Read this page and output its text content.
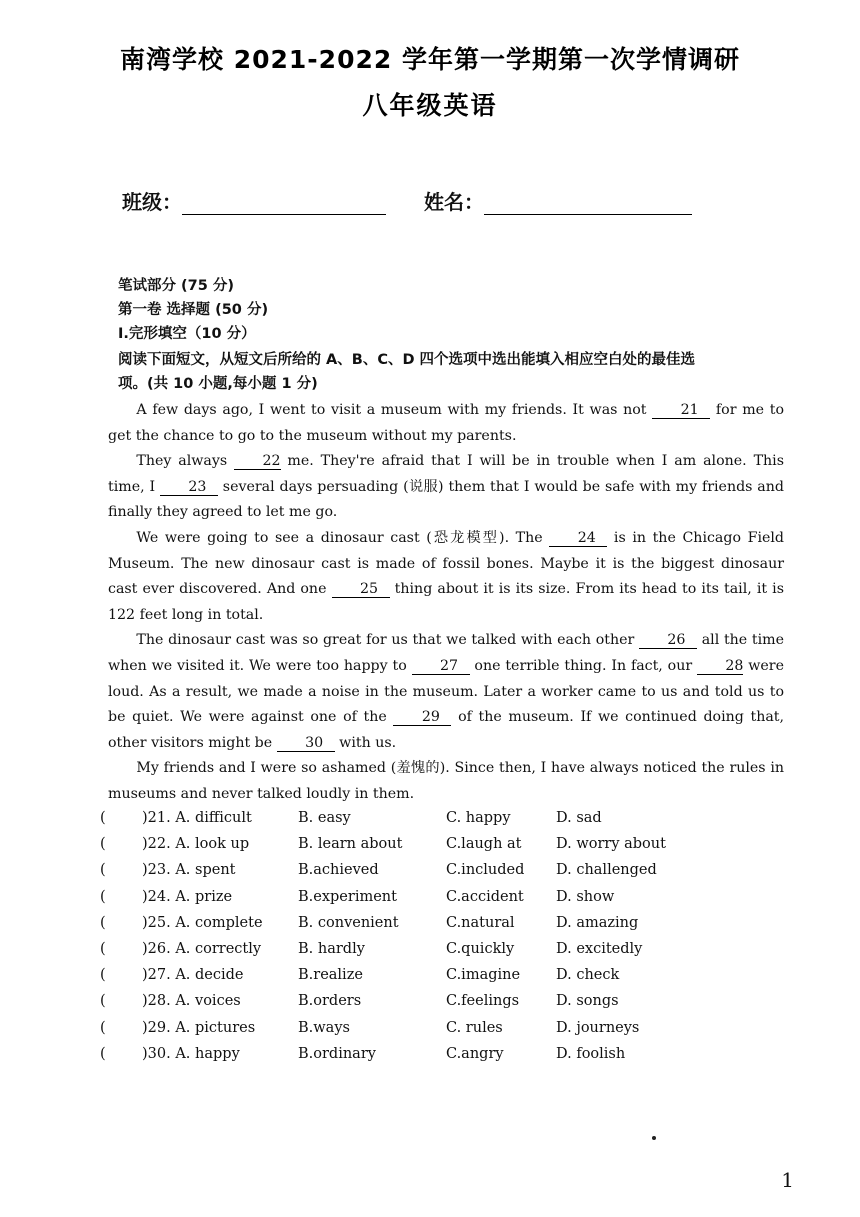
南湾学校 2021-2022 学年第一学期第一次学情调研
八年级英语
班级：	姓名：
笔试部分 (75 分)
第一卷 选择题 (50 分)
I.完形填空（10 分）
阅读下面短文，从短文后所给的 A、B、C、D 四个选项中选出能填入相应空白处的最佳选
项。(共 10 小题,每小题 1 分)

A few days ago, I went to visit a museum with my friends. It was not 21 for me to get the chance to go to the museum without my parents.

They always 22 me. They're afraid that I will be in trouble when I am alone. This time, I 23 several days persuading (说服) them that I would be safe with my friends and finally they agreed to let me go.

We were going to see a dinosaur cast (恐龙模型). The 24 is in the Chicago Field Museum. The new dinosaur cast is made of fossil bones. Maybe it is the biggest dinosaur cast ever discovered. And one 25 thing about it is its size. From its head to its tail, it is 122 feet long in total.

The dinosaur cast was so great for us that we talked with each other 26 all the time when we visited it. We were too happy to 27 one terrible thing. In fact, our 28 were loud. As a result, we made a noise in the museum. Later a worker came to us and told us to be quiet. We were against one of the 29 of the museum. If we continued doing that, other visitors might be 30 with us.

My friends and I were so ashamed (羞愧的). Since then, I have always noticed the rules in museums and never talked loudly in them.

(	)21. A. difficult	B. easy	C. happy	D. sad
(	)22. A. look up	B. learn about	C.laugh at	D. worry about
(	)23. A. spent	B.achieved	C.included	D. challenged
(	)24. A. prize	B.experiment	C.accident	D. show
(	)25. A. complete	B. convenient	C.natural	D. amazing
(	)26. A. correctly	B. hardly	C.quickly	D. excitedly
(	)27. A. decide	B.realize	C.imagine	D. check
(	)28. A. voices	B.orders	C.feelings	D. songs
(	)29. A. pictures	B.ways	C. rules	D. journeys
(	)30. A. happy	B.ordinary	C.angry	D. foolish
1
